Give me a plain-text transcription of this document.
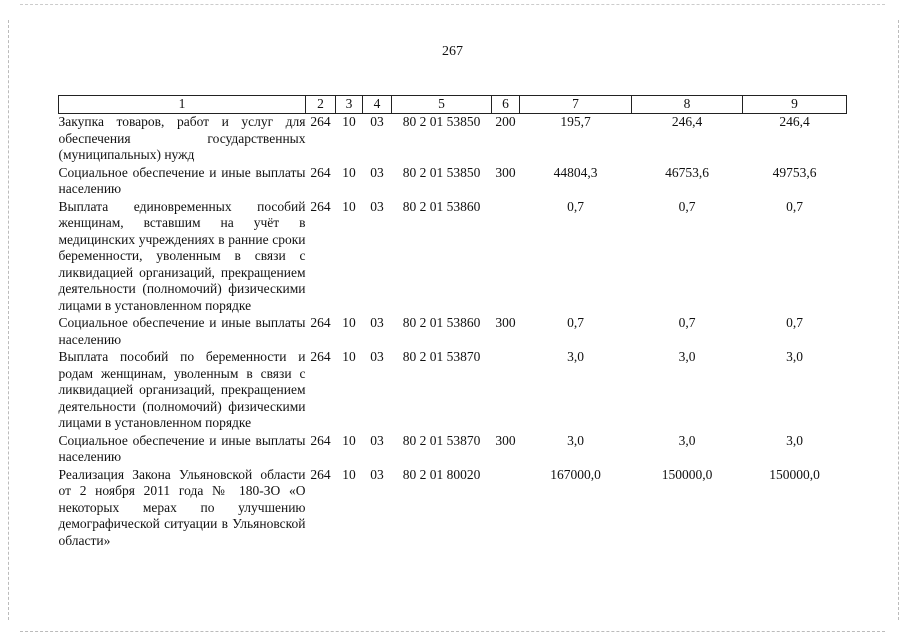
267
1	2	3	4	5	6	7	8	9
Закупка товаров, работ и услуг для обеспечения государственных (муниципальных) нужд	264	10	03	80 2 01 53850	200	195,7	246,4	246,4
Социальное обеспечение и иные выплаты населению	264	10	03	80 2 01 53850	300	44804,3	46753,6	49753,6
Выплата единовременных пособий женщинам, вставшим на учёт в медицинских учреждениях в ранние сроки беременности, уволенным в связи с ликвидацией организаций, прекращением деятельности (полномочий) физическими лицами в установленном порядке	264	10	03	80 2 01 53860		0,7	0,7	0,7
Социальное обеспечение и иные выплаты населению	264	10	03	80 2 01 53860	300	0,7	0,7	0,7
Выплата пособий по беременности и родам женщинам, уволенным в связи с ликвидацией организаций, прекращением деятельности (полномочий) физическими лицами в установленном порядке	264	10	03	80 2 01 53870		3,0	3,0	3,0
Социальное обеспечение и иные выплаты населению	264	10	03	80 2 01 53870	300	3,0	3,0	3,0
Реализация Закона Ульяновской области от 2 ноября 2011 года № 180-ЗО «О некоторых мерах по улучшению демографической ситуации в Ульяновской области»	264	10	03	80 2 01 80020		167000,0	150000,0	150000,0
